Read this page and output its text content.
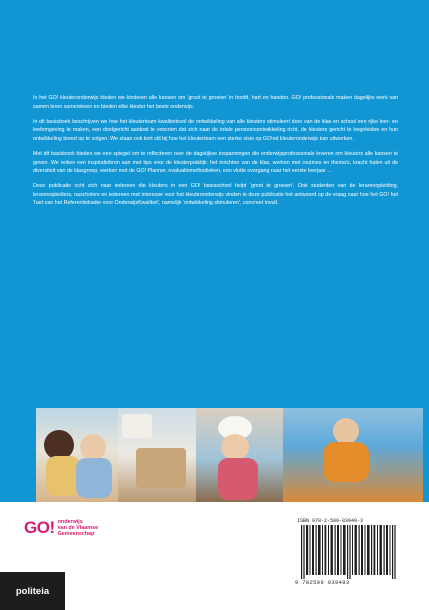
In het GO! kleuteronderwijs bieden we kinderen alle kansen om ‘groot te groeien’ in hoofd, hart en handen. GO! professionals maken dagelijks werk van samen leren samenleven en bieden elke kleuter het beste onderwijs.

In dit basisboek beschrijven we hoe het kleuterteam kwaliteitsvol de ontwikkeling van alle kleuters stimuleert door van de klas en school een rijke leer- en leefomgeving te maken, een doelgericht aanbod te voorzien dat zich naar de totale persoonsontwikkeling richt, de kleuters gericht te begeleiden en hun ontwikkeling breed op te volgen. We staan ook kort stil bij hoe het kleuterteam een sterke visie op GO!ed kleuteronderwijs kan uitwerken.

Met dit basisboek bieden we een spiegel om te reflecteren over de dagelijkse inspanningen die onderwijsprofessionals leveren om kleuters alle kansen te geven. We reiken een inspiratiebron aan met tips voor de kleuterpraktijk: het inrichten van de klas, werken met routines en thema’s, kracht halen uit de diversiteit van de klasgroep, werken met de GO! Planner, evaluatiemethodieken, een vlotte overgang naar het eerste leerjaar …

Deze publicatie richt zich naar iedereen die kleuters in een GO! basisschool helpt ‘groot te groeien’. Ook studenten van de lerarenopleiding, lerarenopleiders, nascholers en iedereen met interesse voor het kleuteronderwijs vinden in deze publicatie het antwoord op de vraag naar hoe het GO! het ‘hart van het Referentiekader voor OnderwijsKwaliteit’, namelijk ‘ontwikkeling stimuleren’, concreet invult.

GO! onderwijs
van de Vlaamse
Gemeenschap
politeia
ISBN 978-2-509-03949-3
9 782509 039493
